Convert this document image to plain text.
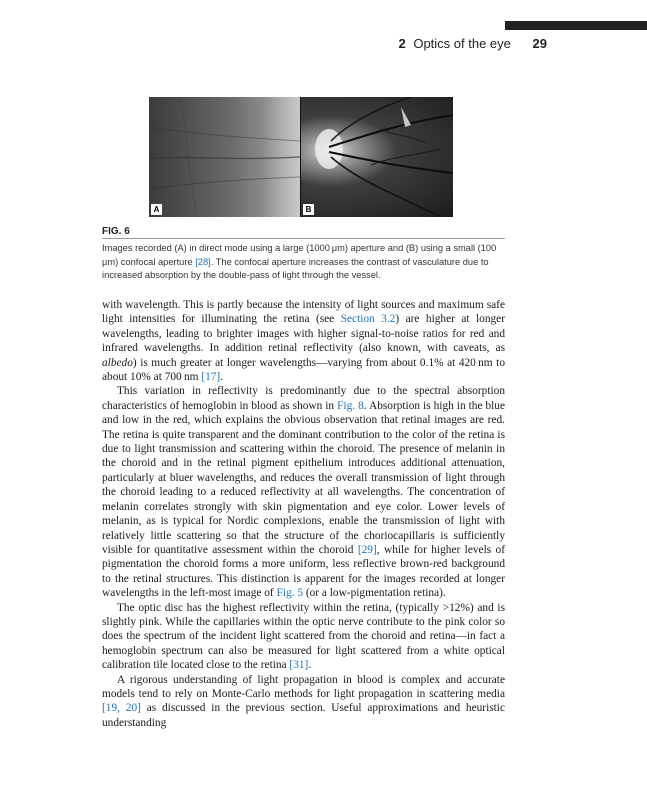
2 Optics of the eye 29
A	B
FIG. 6
Images recorded (A) in direct mode using a large (1000 μm) aperture and (B) using a small (100 μm) confocal aperture [28]. The confocal aperture increases the contrast of vasculature due to increased absorption by the double-pass of light through the vessel.

with wavelength. This is partly because the intensity of light sources and maximum safe light intensities for illuminating the retina (see Section 3.2) are higher at longer wavelengths, leading to brighter images with higher signal-to-noise ratios for red and infrared wavelengths. In addition retinal reflectivity (also known, with caveats, as albedo) is much greater at longer wavelengths—varying from about 0.1% at 420 nm to about 10% at 700 nm [17].

This variation in reflectivity is predominantly due to the spectral absorption characteristics of hemoglobin in blood as shown in Fig. 8. Absorption is high in the blue and low in the red, which explains the obvious observation that retinal images are red. The retina is quite transparent and the dominant contribution to the color of the retina is due to light transmission and scattering within the choroid. The presence of melanin in the choroid and in the retinal pigment epithelium introduces additional attenuation, particularly at bluer wavelengths, and reduces the overall transmission of light through the choroid leading to a reduced reflectivity at all wavelengths. The concentration of melanin correlates strongly with skin pigmentation and eye color. Lower levels of melanin, as is typical for Nordic complexions, enable the transmission of light with relatively little scattering so that the structure of the choriocapillaris is sufficiently visible for quantitative assessment within the choroid [29], while for higher levels of pigmentation the choroid forms a more uniform, less reflective brown-red background to the retinal structures. This distinction is apparent for the images recorded at longer wavelengths in the left-most image of Fig. 5 (or a low-pigmentation retina).

The optic disc has the highest reflectivity within the retina, (typically >12%) and is slightly pink. While the capillaries within the optic nerve contribute to the pink color so does the spectrum of the incident light scattered from the choroid and retina—in fact a hemoglobin spectrum can also be measured for light scattered from a white optical calibration tile located close to the retina [31].

A rigorous understanding of light propagation in blood is complex and accurate models tend to rely on Monte-Carlo methods for light propagation in scattering media [19, 20] as discussed in the previous section. Useful approximations and heuristic understanding
